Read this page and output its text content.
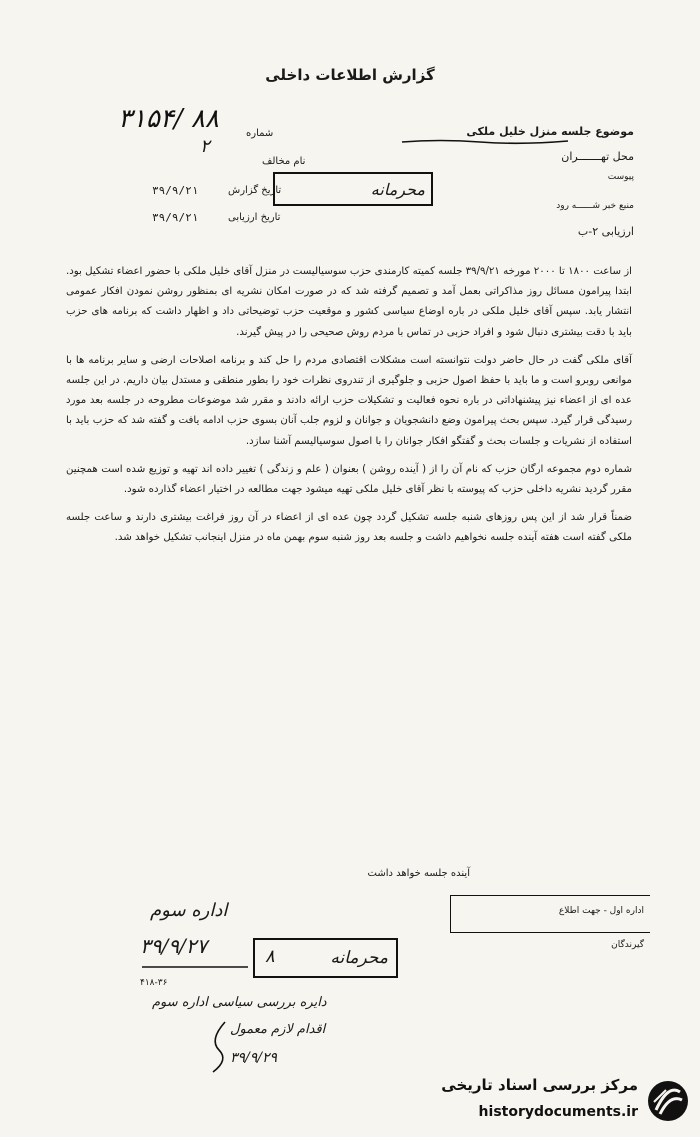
گزارش اطلاعات داخلی
۳۱۵۴/ ۸۸
۲
شماره
نام مخالف
تاریخ گزارش
۳۹/۹/۲۱
تاریخ ارزیابی
۳۹/۹/۲۱
موضوع جلسه منزل خلیل ملکی
محل تهـــــــران
پیوست
منبع خبر شــــــه رود
ارزیابی ۲-ب
محرمانه

از ساعت ۱۸۰۰ تا ۲۰۰۰ مورخه ۳۹/۹/۲۱ جلسه کمیته کارمندی حزب سوسیالیست در منزل آقای خلیل ملکی با حضور اعضاء تشکیل بود. ابتدا پیرامون مسائل روز مذاکراتی بعمل آمد و تصمیم گرفته شد که در صورت امکان نشریه ای بمنظور روشن نمودن افکار عمومی انتشار یابد. سپس آقای خلیل ملکی در باره اوضاع سیاسی کشور و موقعیت حزب توضیحاتی داد و اظهار داشت که برنامه های حزب باید با دقت بیشتری دنبال شود و افراد حزبی در تماس با مردم روش صحیحی را در پیش گیرند.

آقای ملکی گفت در حال حاضر دولت نتوانسته است مشکلات اقتصادی مردم را حل کند و برنامه اصلاحات ارضی و سایر برنامه ها با موانعی روبرو است و ما باید با حفظ اصول حزبی و جلوگیری از تندروی نظرات خود را بطور منطقی و مستدل بیان داریم. در این جلسه عده ای از اعضاء نیز پیشنهاداتی در باره نحوه فعالیت و تشکیلات حزب ارائه دادند و مقرر شد موضوعات مطروحه در جلسه بعد مورد رسیدگی قرار گیرد. سپس بحث پیرامون وضع دانشجویان و جوانان و لزوم جلب آنان بسوی حزب ادامه یافت و گفته شد که حزب باید با استفاده از نشریات و جلسات بحث و گفتگو افکار جوانان را با اصول سوسیالیسم آشنا سازد.

شماره دوم مجموعه ارگان حزب که نام آن را از ( آینده روشن ) بعنوان ( علم و زندگی ) تغییر داده اند تهیه و توزیع شده است همچنین مقرر گردید نشریه داخلی حزب که پیوسته با نظر آقای خلیل ملکی تهیه میشود جهت مطالعه در اختیار اعضاء گذارده شود.

ضمناً قرار شد از این پس روزهای شنبه جلسه تشکیل گردد چون عده ای از اعضاء در آن روز فراغت بیشتری دارند و ساعت جلسه ملکی گفته است هفته آینده جلسه نخواهیم داشت و جلسه بعد روز شنبه سوم بهمن ماه در منزل اینجانب تشکیل خواهد شد.

آینده جلسه خواهد داشت
اداره سوم
۳۹/۹/۲۷	۸	محرمانه
اداره اول - جهت اطلاع
گیرندگان
۴۱۸-۳۶
دایره بررسی سیاسی اداره سوم
اقدام لازم معمول
۳۹/۹/۲۹
مرکز بررسی اسناد تاریخی
historydocuments.ir
